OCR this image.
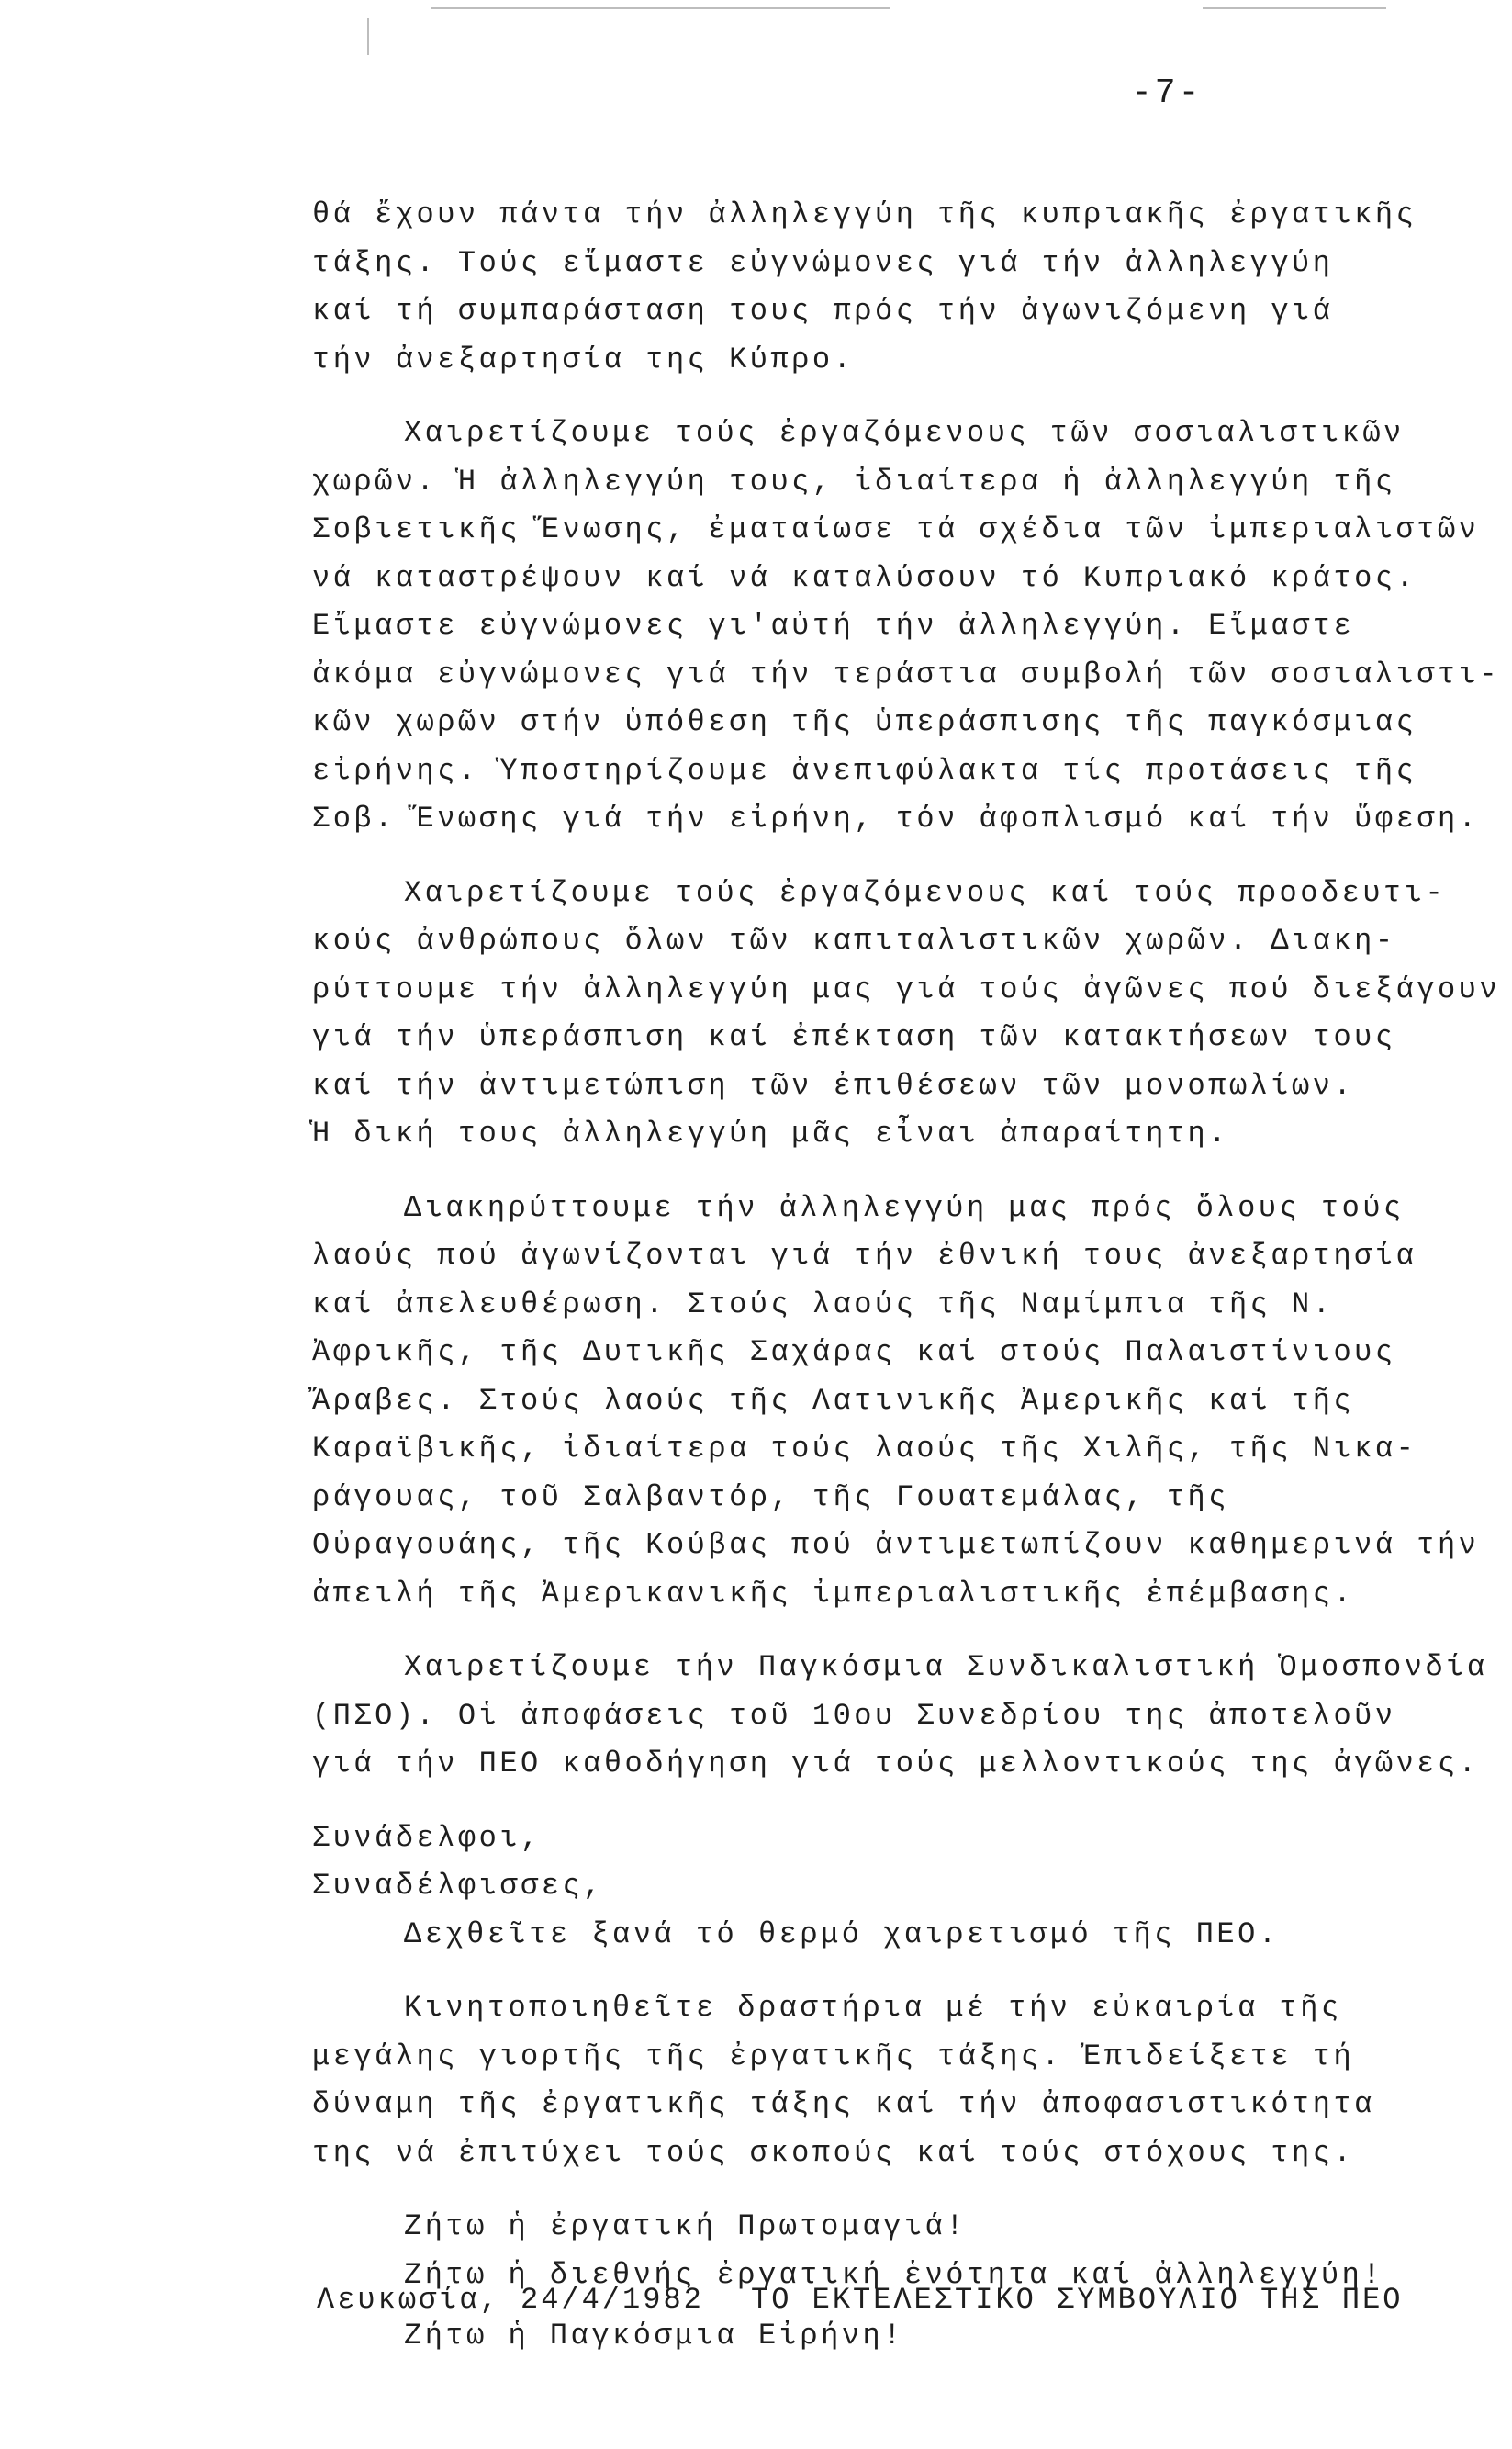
-7-
θά ἔχουν πάντα τήν ἀλληλεγγύη τῆς κυπριακῆς ἐργατικῆς
τάξης. Τούς εἴμαστε εὐγνώμονες γιά τήν ἀλληλεγγύη
καί τή συμπαράσταση τους πρός τήν ἀγωνιζόμενη γιά
τήν ἀνεξαρτησία της Κύπρο.
Χαιρετίζουμε τούς ἐργαζόμενους τῶν σοσιαλιστικῶν
χωρῶν. Ἡ ἀλληλεγγύη τους, ἰδιαίτερα ἡ ἀλληλεγγύη τῆς
Σοβιετικῆς Ἕνωσης, ἐματαίωσε τά σχέδια τῶν ἰμπεριαλιστῶν
νά καταστρέψουν καί νά καταλύσουν τό Κυπριακό κράτος.
Εἴμαστε εὐγνώμονες γι'αὐτή τήν ἀλληλεγγύη. Εἴμαστε
ἀκόμα εὐγνώμονες γιά τήν τεράστια συμβολή τῶν σοσιαλιστι-
κῶν χωρῶν στήν ὑπόθεση τῆς ὑπεράσπισης τῆς παγκόσμιας
εἰρήνης. Ὑποστηρίζουμε ἀνεπιφύλακτα τίς προτάσεις τῆς
Σοβ. Ἕνωσης γιά τήν εἰρήνη, τόν ἀφοπλισμό καί τήν ὕφεση.
Χαιρετίζουμε τούς ἐργαζόμενους καί τούς προοδευτι-
κούς ἀνθρώπους ὅλων τῶν καπιταλιστικῶν χωρῶν. Διακη-
ρύττουμε τήν ἀλληλεγγύη μας γιά τούς ἀγῶνες πού διεξάγουν
γιά τήν ὑπεράσπιση καί ἐπέκταση τῶν κατακτήσεων τους
καί τήν ἀντιμετώπιση τῶν ἐπιθέσεων τῶν μονοπωλίων.
Ἡ δική τους ἀλληλεγγύη μᾶς εἶναι ἀπαραίτητη.
Διακηρύττουμε τήν ἀλληλεγγύη μας πρός ὅλους τούς
λαούς πού ἀγωνίζονται γιά τήν ἐθνική τους ἀνεξαρτησία
καί ἀπελευθέρωση. Στούς λαούς τῆς Ναμίμπια τῆς Ν.
Ἀφρικῆς, τῆς Δυτικῆς Σαχάρας καί στούς Παλαιστίνιους
Ἄραβες. Στούς λαούς τῆς Λατινικῆς Ἀμερικῆς καί τῆς
Καραϊβικῆς, ἰδιαίτερα τούς λαούς τῆς Χιλῆς, τῆς Νικα-
ράγουας, τοῦ Σαλβαντόρ, τῆς Γουατεμάλας, τῆς
Οὐραγουάης, τῆς Κούβας πού ἀντιμετωπίζουν καθημερινά τήν
ἀπειλή τῆς Ἀμερικανικῆς ἰμπεριαλιστικῆς ἐπέμβασης.
Χαιρετίζουμε τήν Παγκόσμια Συνδικαλιστική Ὁμοσπονδία
(ΠΣΟ). Οἱ ἀποφάσεις τοῦ 10ου Συνεδρίου της ἀποτελοῦν
γιά τήν ΠΕΟ καθοδήγηση γιά τούς μελλοντικούς της ἀγῶνες.
Συνάδελφοι,
Συναδέλφισσες,
Δεχθεῖτε ξανά τό θερμό χαιρετισμό τῆς ΠΕΟ.
Κινητοποιηθεῖτε δραστήρια μέ τήν εὐκαιρία τῆς
μεγάλης γιορτῆς τῆς ἐργατικῆς τάξης. Ἐπιδείξετε τή
δύναμη τῆς ἐργατικῆς τάξης καί τήν ἀποφασιστικότητα
της νά ἐπιτύχει τούς σκοπούς καί τούς στόχους της.
Ζήτω ἡ ἐργατική Πρωτομαγιά!
Ζήτω ἡ διεθνής ἐργατική ἑνότητα καί ἀλληλεγγύη!
Ζήτω ἡ Παγκόσμια Εἰρήνη!
Λευκωσία, 24/4/1982 ΤΟ ΕΚΤΕΛΕΣΤΙΚΟ ΣΥΜΒΟΥΛΙΟ ΤΗΣ ΠΕΟ
